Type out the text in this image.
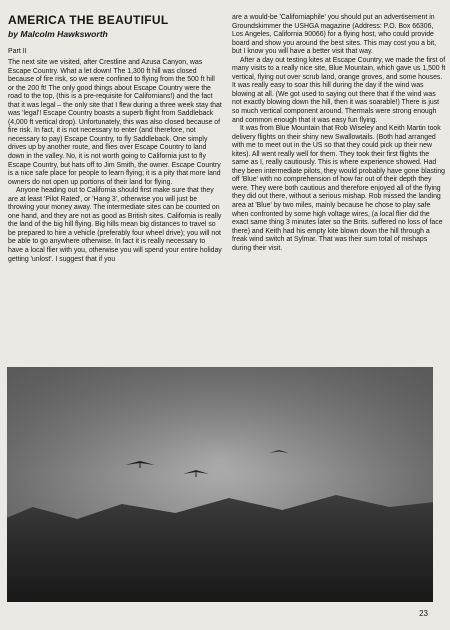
AMERICA THE BEAUTIFUL
by Malcolm Hawksworth
Part II

The next site we visited, after Crestline and Azusa Canyon, was Escape Country. What a let down! The 1,300 ft hill was closed because of fire risk, so we were confined to flying from the 500 ft hill or the 200 ft! The only good things about Escape Country were the road to the top, (this is a pre-requisite for Californians!) and the fact that it was legal – the only site that I flew during a three week stay that was 'legal'! Escape Country boasts a superb flight from Saddleback (4,000 ft vertical drop). Unfortunately, this was also closed because of fire risk. In fact, it is not necessary to enter (and therefore, not necessary to pay) Escape Country, to fly Saddleback. One simply drives up by another route, and flies over Escape Country to land down in the valley. No, it is not worth going to California just to fly Escape Country, but hats off to Jim Smith, the owner. Escape Country is a nice safe place for people to learn flying; it is a pity that more land owners do not open up portions of their land for flying.

Anyone heading out to California should first make sure that they are at least 'Pilot Rated', or 'Hang 3', otherwise you will just be throwing your money away. The intermediate sites can be counted on one hand, and they are not as good as British sites. California is really the land of the big hill flying. Big hills mean big distances to travel so be prepared to hire a vehicle (preferably four wheel drive); you will not be able to go anywhere otherwise. In fact it is really necessary to have a local flier with you, otherwise you will spend your entire holiday getting 'unlost'. I suggest that if you

are a would-be 'Californiaphile' you should put an advertisement in Groundskimmer the USHGA magazine (Address: P.O. Box 66306, Los Angeles, California 90066) for a flying host, who could provide board and show you around the best sites. This may cost you a bit, but I know you will have a better visit that way.

After a day out testing kites at Escape Country, we made the first of many visits to a really nice site, Blue Mountain, which gave us 1,500 ft vertical, flying out over scrub land, orange groves, and some houses. It was really easy to soar this hill during the day if the wind was blowing at all. (We got used to saying out there that if the wind was not exactly blowing down the hill, then it was soarable!) There is just so much vertical component around. Thermals were strong enough and common enough that it was easy fun flying.

It was from Blue Mountain that Rob Wiseley and Keith Martin took delivery flights on their shiny new Swallowtails. (Both had arranged with me to meet out in the US so that they could pick up their new kites). All went really well for them. They took their first flights the same as I, really cautiously. This is where experience showed. Had they been intermediate pilots, they would probably have gone blasting off 'Blue' with no comprehension of how far out of their depth they were. They were both cautious and therefore enjoyed all of the flying they did out there, without a serious mishap. Rob missed the landing area at 'Blue' by two miles, mainly because he chose to play safe when confronted by some high voltage wires, (a local flier did the exact same thing 3 minutes later so the Brits. suffered no loss of face there) and Keith had his empty kite blown down the hill through a freak wind switch at Sylmar. That was their sum total of mishaps during their visit.

23
